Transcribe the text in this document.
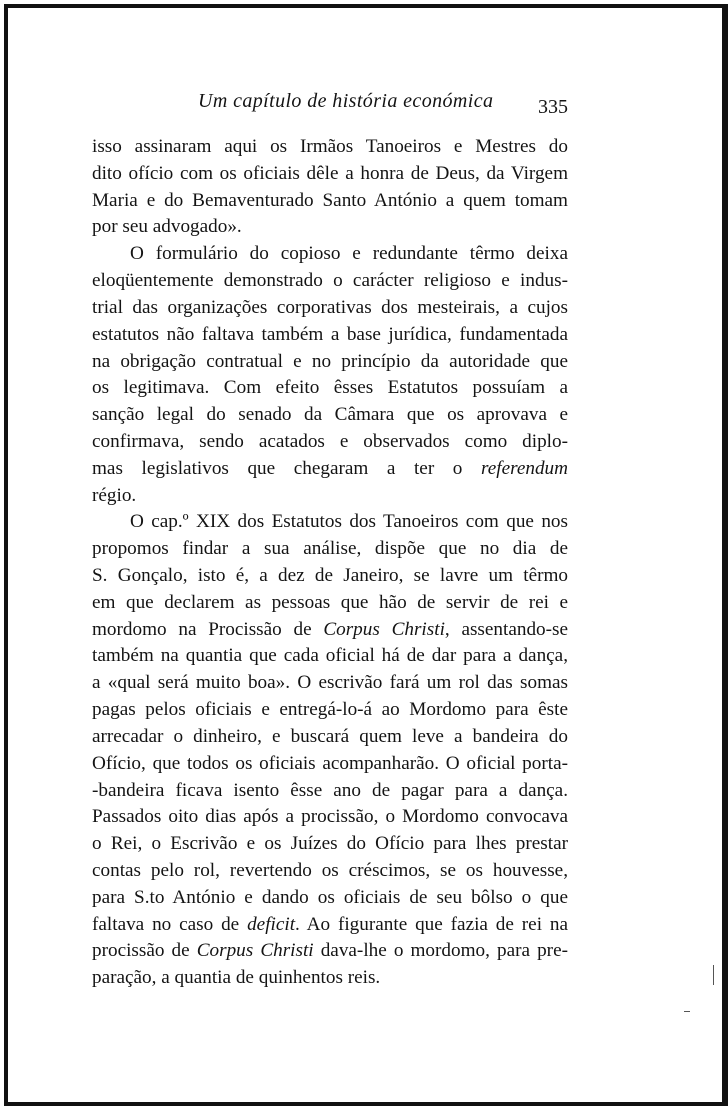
Um capítulo de história económica 335
isso assinaram aqui os Irmãos Tanoeiros e Mestres do
dito ofício com os oficiais dêle a honra de Deus, da Virgem
Maria e do Bemaventurado Santo António a quem tomam
por seu advogado».
O formulário do copioso e redundante têrmo deixa
eloqüentemente demonstrado o carácter religioso e indus-
trial das organizações corporativas dos mesteirais, a cujos
estatutos não faltava também a base jurídica, fundamentada
na obrigação contratual e no princípio da autoridade que
os legitimava. Com efeito êsses Estatutos possuíam a
sanção legal do senado da Câmara que os aprovava e
confirmava, sendo acatados e observados como diplo-
mas legislativos que chegaram a ter o referendum
régio.
O cap.º XIX dos Estatutos dos Tanoeiros com que nos
propomos findar a sua análise, dispõe que no dia de
S. Gonçalo, isto é, a dez de Janeiro, se lavre um têrmo
em que declarem as pessoas que hão de servir de rei e
mordomo na Procissão de Corpus Christi, assentando-se
também na quantia que cada oficial há de dar para a dança,
a «qual será muito boa». O escrivão fará um rol das somas
pagas pelos oficiais e entregá-lo-á ao Mordomo para êste
arrecadar o dinheiro, e buscará quem leve a bandeira do
Ofício, que todos os oficiais acompanharão. O oficial porta-
-bandeira ficava isento êsse ano de pagar para a dança.
Passados oito dias após a procissão, o Mordomo convocava
o Rei, o Escrivão e os Juízes do Ofício para lhes prestar
contas pelo rol, revertendo os créscimos, se os houvesse,
para S.to António e dando os oficiais de seu bôlso o que
faltava no caso de deficit. Ao figurante que fazia de rei na
procissão de Corpus Christi dava-lhe o mordomo, para pre-
paração, a quantia de quinhentos reis.
